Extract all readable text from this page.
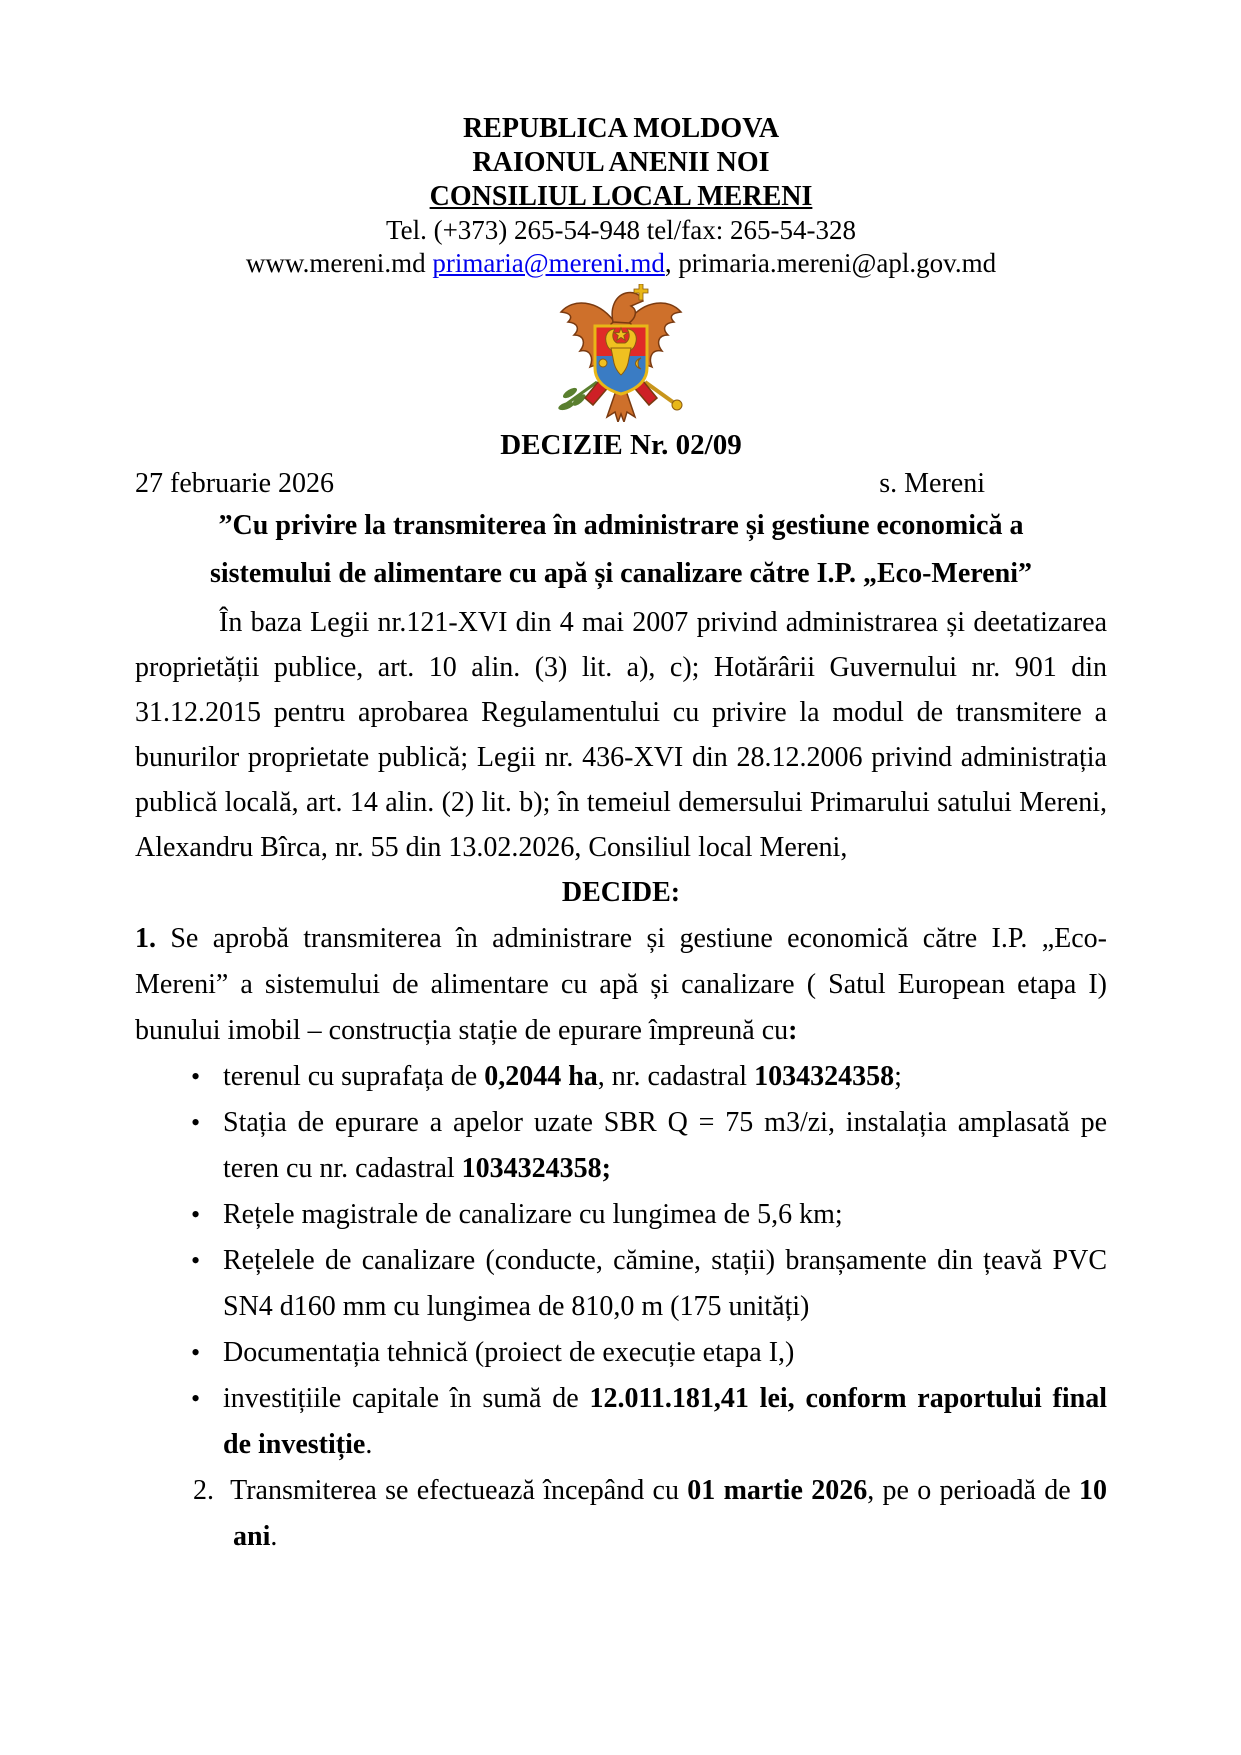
REPUBLICA MOLDOVA
RAIONUL ANENII NOI
CONSILIUL LOCAL MERENI
Tel. (+373) 265-54-948 tel/fax: 265-54-328
www.mereni.md primaria@mereni.md, primaria.mereni@apl.gov.md
DECIZIE Nr. 02/09
27 februarie 2026	s. Mereni
”Cu privire la transmiterea în administrare și gestiune economică a
sistemului de alimentare cu apă și canalizare către I.P. „Eco-Mereni”
În baza Legii nr.121-XVI din 4 mai 2007 privind administrarea și deetatizarea proprietății publice, art. 10 alin. (3) lit. a), c); Hotărârii Guvernului nr. 901 din 31.12.2015 pentru aprobarea Regulamentului cu privire la modul de transmitere a bunurilor proprietate publică; Legii nr. 436-XVI din 28.12.2006 privind administrația publică locală, art. 14 alin. (2) lit. b); în temeiul demersului Primarului satului Mereni, Alexandru Bîrca, nr. 55 din 13.02.2026, Consiliul local Mereni,
DECIDE:
1. Se aprobă transmiterea în administrare și gestiune economică către I.P. „Eco-Mereni” a sistemului de alimentare cu apă și canalizare ( Satul European etapa I) bunului imobil – construcția stație de epurare împreună cu:
• terenul cu suprafața de 0,2044 ha, nr. cadastral 1034324358;
• Stația de epurare a apelor uzate SBR Q = 75 m3/zi, instalația amplasată pe teren cu nr. cadastral 1034324358;
• Rețele magistrale de canalizare cu lungimea de 5,6 km;
• Rețelele de canalizare (conducte, cămine, stații) branșamente din țeavă PVC SN4 d160 mm cu lungimea de 810,0 m (175 unități)
• Documentația tehnică (proiect de execuție etapa I,)
• investițiile capitale în sumă de 12.011.181,41 lei, conform raportului final de investiție.
2.  Transmiterea se efectuează începând cu 01 martie 2026, pe o perioadă de 10 ani.
